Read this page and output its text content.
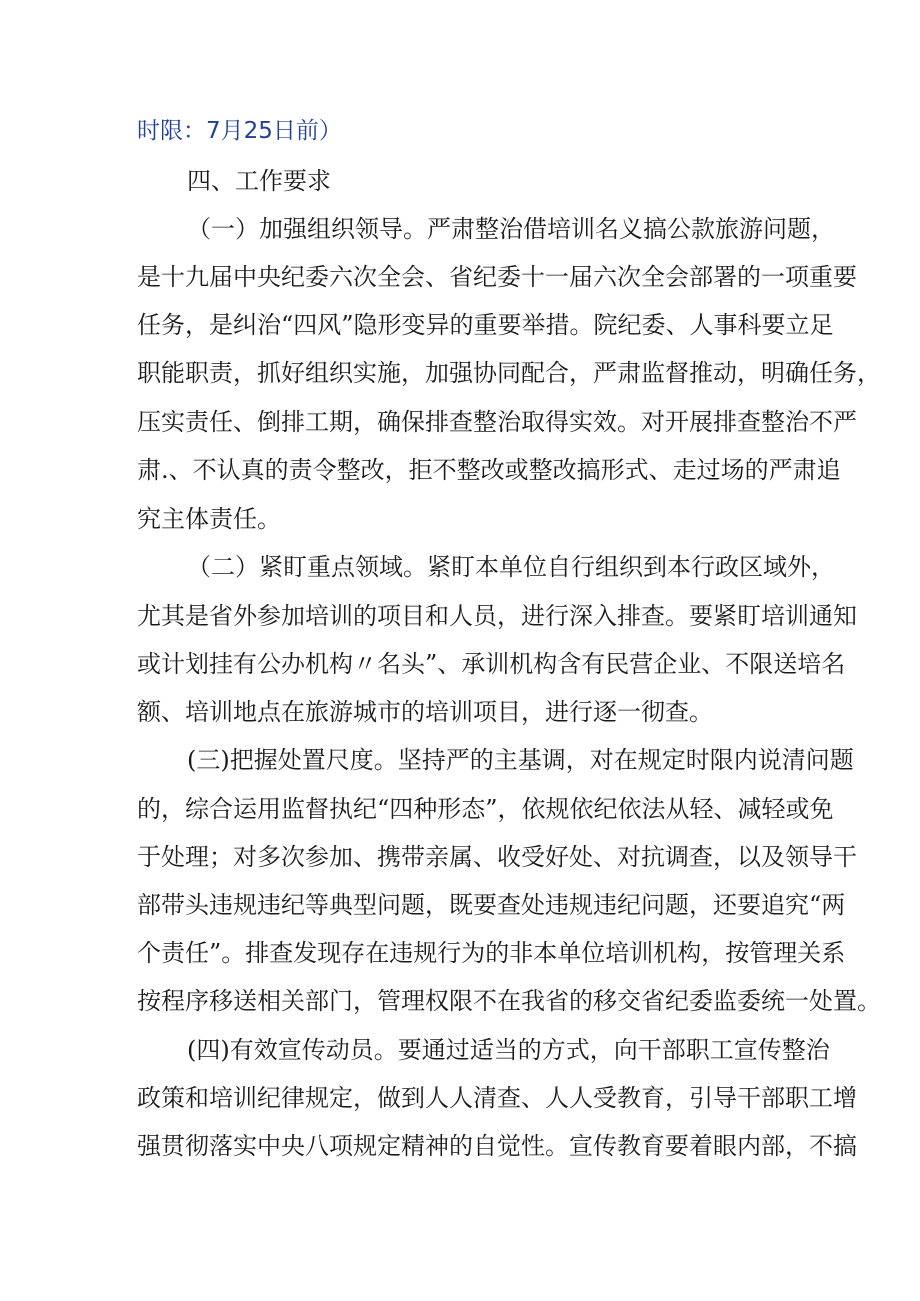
时限：7月25日前）
四、工作要求
（一）加强组织领导。严肃整治借培训名义搞公款旅游问题，
是十九届中央纪委六次全会、省纪委十一届六次全会部署的一项重要
任务，是纠治“四风”隐形变异的重要举措。院纪委、人事科要立足
职能职责，抓好组织实施，加强协同配合，严肃监督推动，明确任务，
压实责任、倒排工期，确保排查整治取得实效。对开展排查整治不严
肃.、不认真的责令整改，拒不整改或整改搞形式、走过场的严肃追
究主体责任。
（二）紧盯重点领域。紧盯本单位自行组织到本行政区域外，
尤其是省外参加培训的项目和人员，进行深入排查。要紧盯培训通知
或计划挂有公办机构〃名头”、承训机构含有民营企业、不限送培名
额、培训地点在旅游城市的培训项目，进行逐一彻查。
(三)把握处置尺度。坚持严的主基调，对在规定时限内说清问题
的，综合运用监督执纪“四种形态”，依规依纪依法从轻、减轻或免
于处理；对多次参加、携带亲属、收受好处、对抗调查，以及领导干
部带头违规违纪等典型问题，既要查处违规违纪问题，还要追究“两
个责任”。排查发现存在违规行为的非本单位培训机构，按管理关系
按程序移送相关部门，管理权限不在我省的移交省纪委监委统一处置。
(四)有效宣传动员。要通过适当的方式，向干部职工宣传整治
政策和培训纪律规定，做到人人清查、人人受教育，引导干部职工增
强贯彻落实中央八项规定精神的自觉性。宣传教育要着眼内部，不搞
